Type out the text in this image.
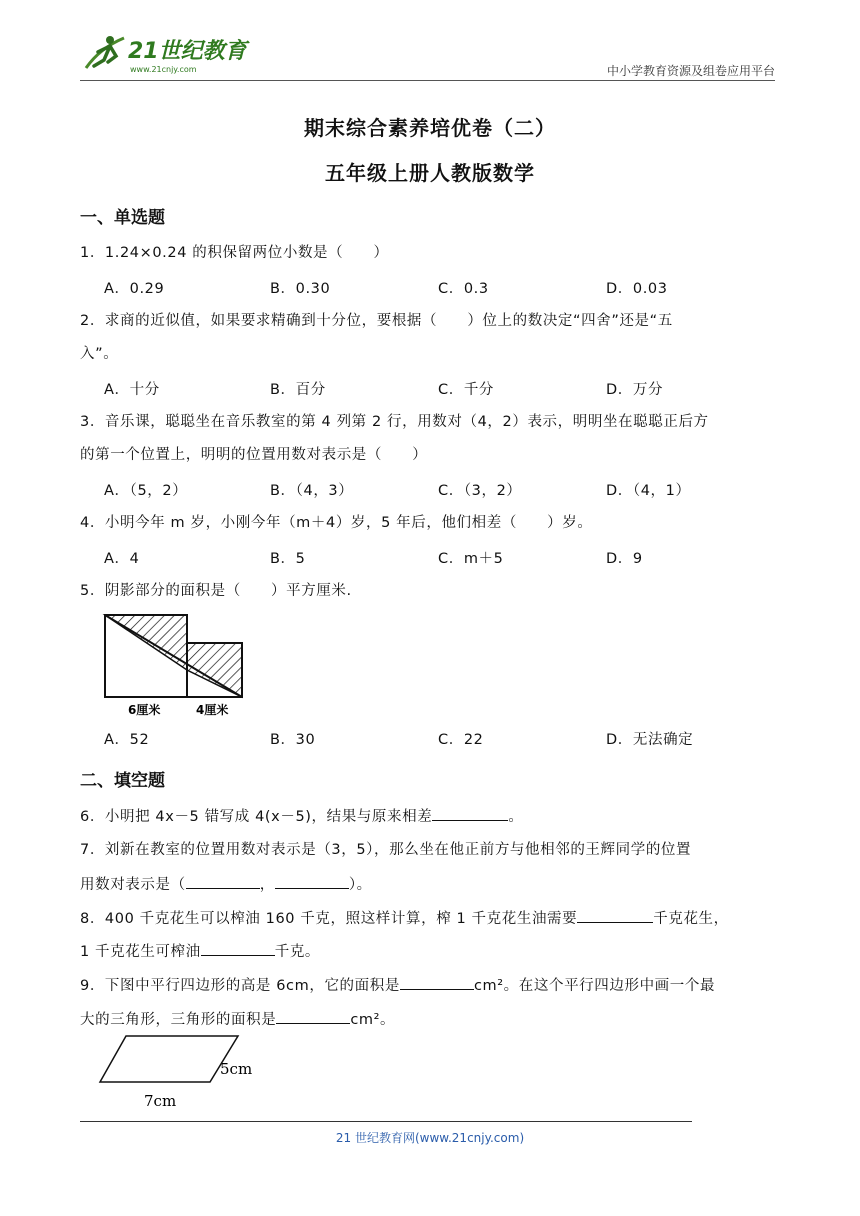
21世纪教育
www.21cnjy.com	中小学教育资源及组卷应用平台
期末综合素养培优卷（二）
五年级上册人教版数学
一、单选题
1．1.24×0.24 的积保留两位小数是（　　）
A．0.29	B．0.30	C．0.3	D．0.03
2．求商的近似值，如果要求精确到十分位，要根据（　　）位上的数决定“四舍”还是“五
入”。
A．十分	B．百分	C．千分	D．万分
3．音乐课，聪聪坐在音乐教室的第 4 列第 2 行，用数对（4，2）表示，明明坐在聪聪正后方
的第一个位置上，明明的位置用数对表示是（　　）
A．（5，2）	B．（4，3）	C．（3，2）	D．（4，1）
4．小明今年 m 岁，小刚今年（m＋4）岁，5 年后，他们相差（　　）岁。
A．4	B．5	C．m＋5	D．9
5．阴影部分的面积是（　　）平方厘米.
6厘米	4厘米
A．52	B．30	C．22	D．无法确定
二、填空题
6．小明把 4x－5 错写成 4(x－5)，结果与原来相差	。
7．刘新在教室的位置用数对表示是（3，5），那么坐在他正前方与他相邻的王辉同学的位置
用数对表示是（	，	）。
8．400 千克花生可以榨油 160 千克，照这样计算，榨 1 千克花生油需要	千克花生，
1 千克花生可榨油	千克。
9．下图中平行四边形的高是 6cm，它的面积是	cm²。在这个平行四边形中画一个最
大的三角形，三角形的面积是	cm²。
5cm
7cm
21 世纪教育网(www.21cnjy.com)
